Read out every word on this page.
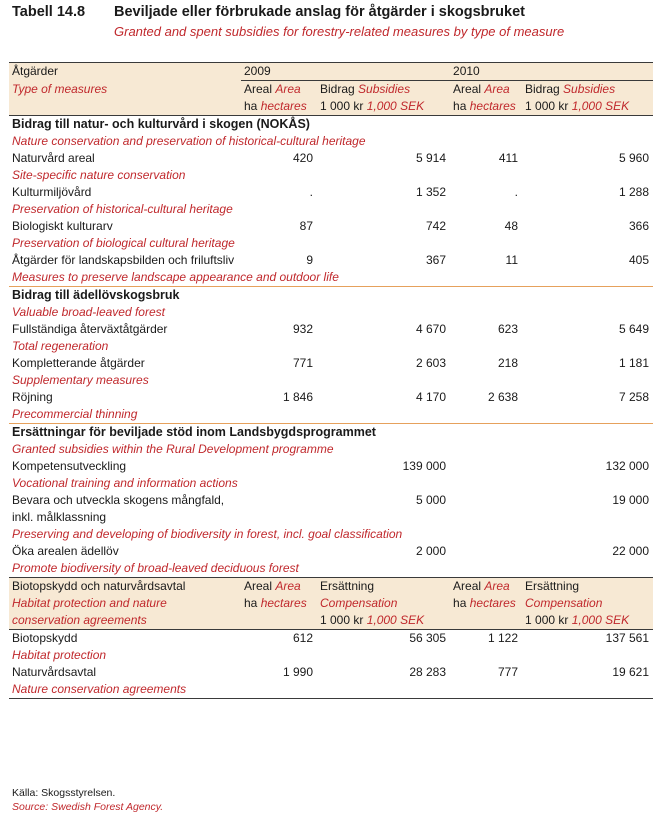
Tabell 14.8 Beviljade eller förbrukade anslag för åtgärder i skogsbruket
Granted and spent subsidies for forestry-related measures by type of measure
Åtgärder	2009		2010	
Type of measures	Areal Area	Bidrag Subsidies	Areal Area	Bidrag Subsidies
	ha hectares	1 000 kr 1,000 SEK	ha hectares	1 000 kr 1,000 SEK
Bidrag till natur- och kulturvård i skogen (NOKÅS)				
Nature conservation and preservation of historical-cultural heritage				
Naturvård areal	420	5 914	411	5 960
Site-specific nature conservation				
Kulturmiljövård	.	1 352	.	1 288
Preservation of historical-cultural heritage				
Biologiskt kulturarv	87	742	48	366
Preservation of biological cultural heritage				
Åtgärder för landskapsbilden och friluftsliv	9	367	11	405
Measures to preserve landscape appearance and outdoor life				
Bidrag till ädellövskogsbruk				
Valuable broad-leaved forest				
Fullständiga återväxtåtgärder	932	4 670	623	5 649
Total regeneration				
Kompletterande åtgärder	771	2 603	218	1 181
Supplementary measures				
Röjning	1 846	4 170	2 638	7 258
Precommercial thinning				
Ersättningar för beviljade stöd inom Landsbygdsprogrammet				
Granted subsidies within the Rural Development programme				
Kompetensutveckling		139 000		132 000
Vocational training and information actions				
Bevara och utveckla skogens mångfald, inkl. målklassning		5 000		19 000
Preserving and developing of biodiversity in forest, incl. goal classification				
Öka arealen ädellöv		2 000		22 000
Promote biodiversity of broad-leaved deciduous forest				
Biotopskydd och naturvårdsavtal	Areal Area	Ersättning	Areal Area	Ersättning
Habitat protection and nature conservation agreements	ha hectares	Compensation	ha hectares	Compensation
		1 000 kr 1,000 SEK		1 000 kr 1,000 SEK
Biotopskydd	612	56 305	1 122	137 561
Habitat protection				
Naturvårdsavtal	1 990	28 283	777	19 621
Nature conservation agreements				
Källa: Skogsstyrelsen.
Source: Swedish Forest Agency.
